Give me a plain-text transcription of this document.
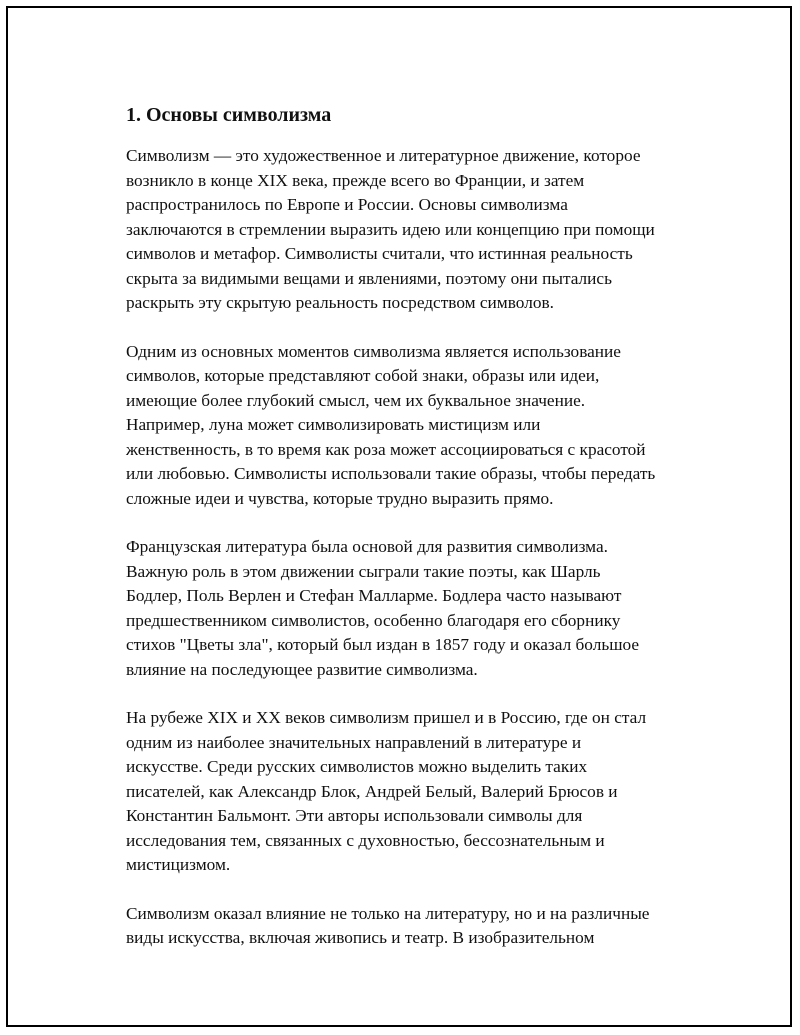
1. Основы символизма

Символизм — это художественное и литературное движение, которое
возникло в конце XIX века, прежде всего во Франции, и затем
распространилось по Европе и России. Основы символизма
заключаются в стремлении выразить идею или концепцию при помощи
символов и метафор. Символисты считали, что истинная реальность
скрыта за видимыми вещами и явлениями, поэтому они пытались
раскрыть эту скрытую реальность посредством символов.

Одним из основных моментов символизма является использование
символов, которые представляют собой знаки, образы или идеи,
имеющие более глубокий смысл, чем их буквальное значение.
Например, луна может символизировать мистицизм или
женственность, в то время как роза может ассоциироваться с красотой
или любовью. Символисты использовали такие образы, чтобы передать
сложные идеи и чувства, которые трудно выразить прямо.

Французская литература была основой для развития символизма.
Важную роль в этом движении сыграли такие поэты, как Шарль
Бодлер, Поль Верлен и Стефан Малларме. Бодлера часто называют
предшественником символистов, особенно благодаря его сборнику
стихов "Цветы зла", который был издан в 1857 году и оказал большое
влияние на последующее развитие символизма.

На рубеже XIX и XX веков символизм пришел и в Россию, где он стал
одним из наиболее значительных направлений в литературе и
искусстве. Среди русских символистов можно выделить таких
писателей, как Александр Блок, Андрей Белый, Валерий Брюсов и
Константин Бальмонт. Эти авторы использовали символы для
исследования тем, связанных с духовностью, бессознательным и
мистицизмом.

Символизм оказал влияние не только на литературу, но и на различные
виды искусства, включая живопись и театр. В изобразительном
